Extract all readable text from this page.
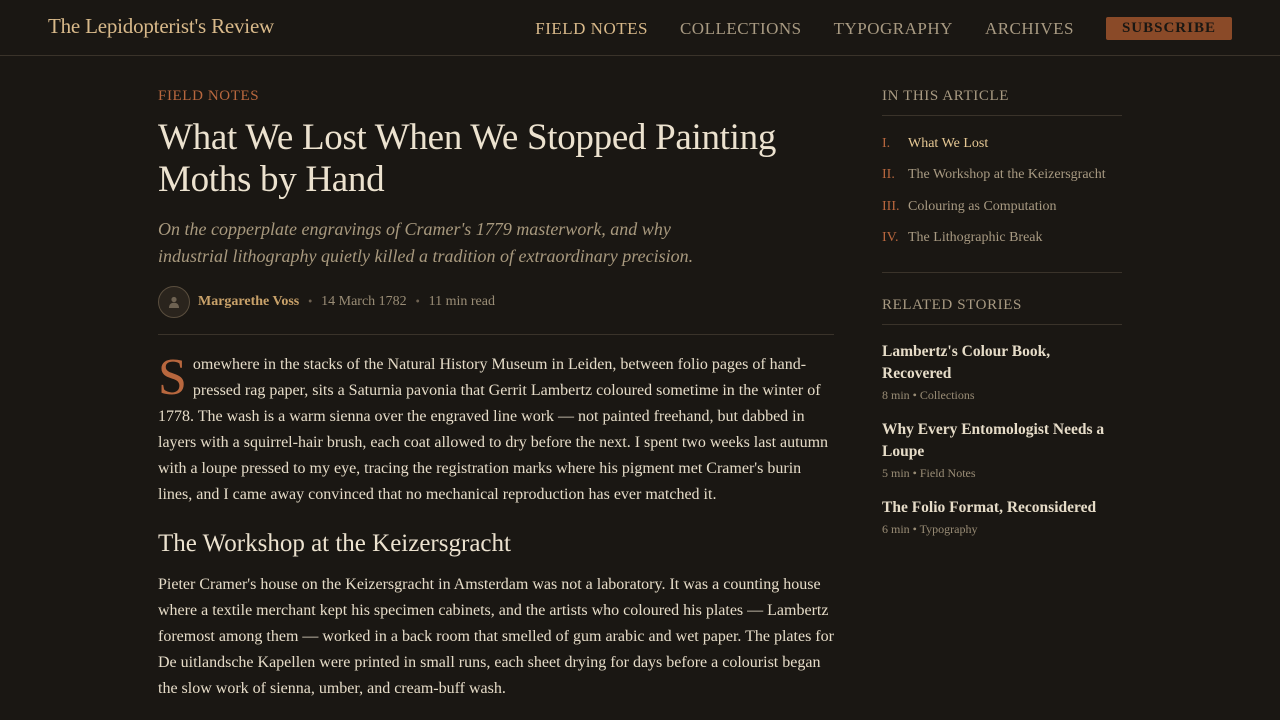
The Lepidopterist's Review	FIELD NOTES COLLECTIONS TYPOGRAPHY ARCHIVES	SUBSCRIBE
FIELD NOTES
What We Lost When We Stopped Painting Moths by Hand

On the copperplate engravings of Cramer's 1779 masterwork, and why industrial lithography quietly killed a tradition of extraordinary precision.

Margarethe Voss • 14 March 1782 • 11 min read

Somewhere in the stacks of the Natural History Museum in Leiden, between folio pages of hand-pressed rag paper, sits a Saturnia pavonia that Gerrit Lambertz coloured sometime in the winter of 1778. The wash is a warm sienna over the engraved line work — not painted freehand, but dabbed in layers with a squirrel-hair brush, each coat allowed to dry before the next. I spent two weeks last autumn with a loupe pressed to my eye, tracing the registration marks where his pigment met Cramer's burin lines, and I came away convinced that no mechanical reproduction has ever matched it.

The Workshop at the Keizersgracht

Pieter Cramer's house on the Keizersgracht in Amsterdam was not a laboratory. It was a counting house where a textile merchant kept his specimen cabinets, and the artists who coloured his plates — Lambertz foremost among them — worked in a back room that smelled of gum arabic and wet paper. The plates for De uitlandsche Kapellen were printed in small runs, each sheet drying for days before a colourist began the slow work of sienna, umber, and cream-buff wash.

IN THIS ARTICLE
I.	What We Lost
II. The Workshop at the Keizersgracht
III. Colouring as Computation
IV. The Lithographic Break
RELATED STORIES
Lambertz's Colour Book, Recovered
8 min • Collections
Why Every Entomologist Needs a Loupe
5 min • Field Notes
The Folio Format, Reconsidered
6 min • Typography
